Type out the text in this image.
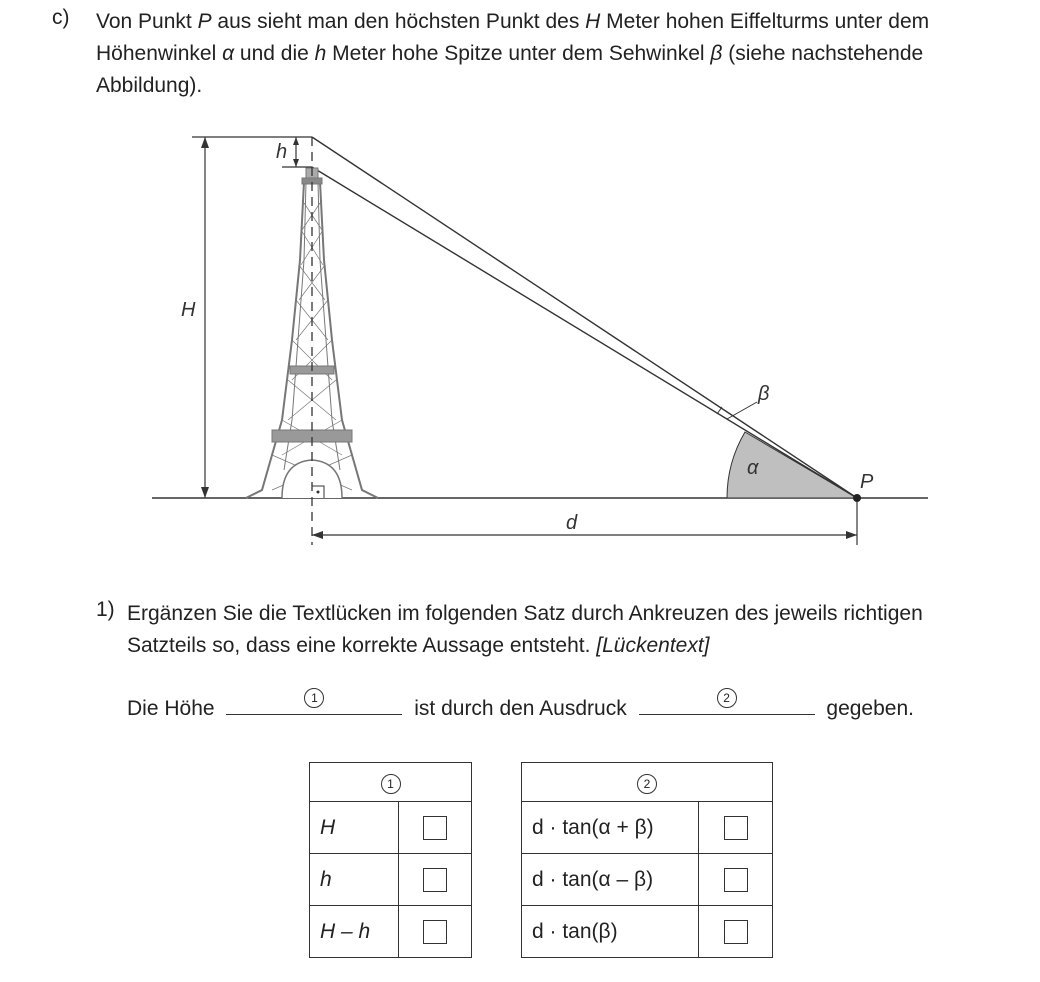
c) Von Punkt P aus sieht man den höchsten Punkt des H Meter hohen Eiffelturms unter dem Höhenwinkel α und die h Meter hohe Spitze unter dem Sehwinkel β (siehe nachstehende Abbildung).
h
H
β
α
P
d
1) Ergänzen Sie die Textlücken im folgenden Satz durch Ankreuzen des jeweils richtigen Satzteils so, dass eine korrekte Aussage entsteht. [Lückentext]
Die Höhe	1	ist durch den Ausdruck	2	gegeben.
1	
H	
h	
H – h	
2	
d · tan(α + β)	
d · tan(α – β)	
d · tan(β)	
